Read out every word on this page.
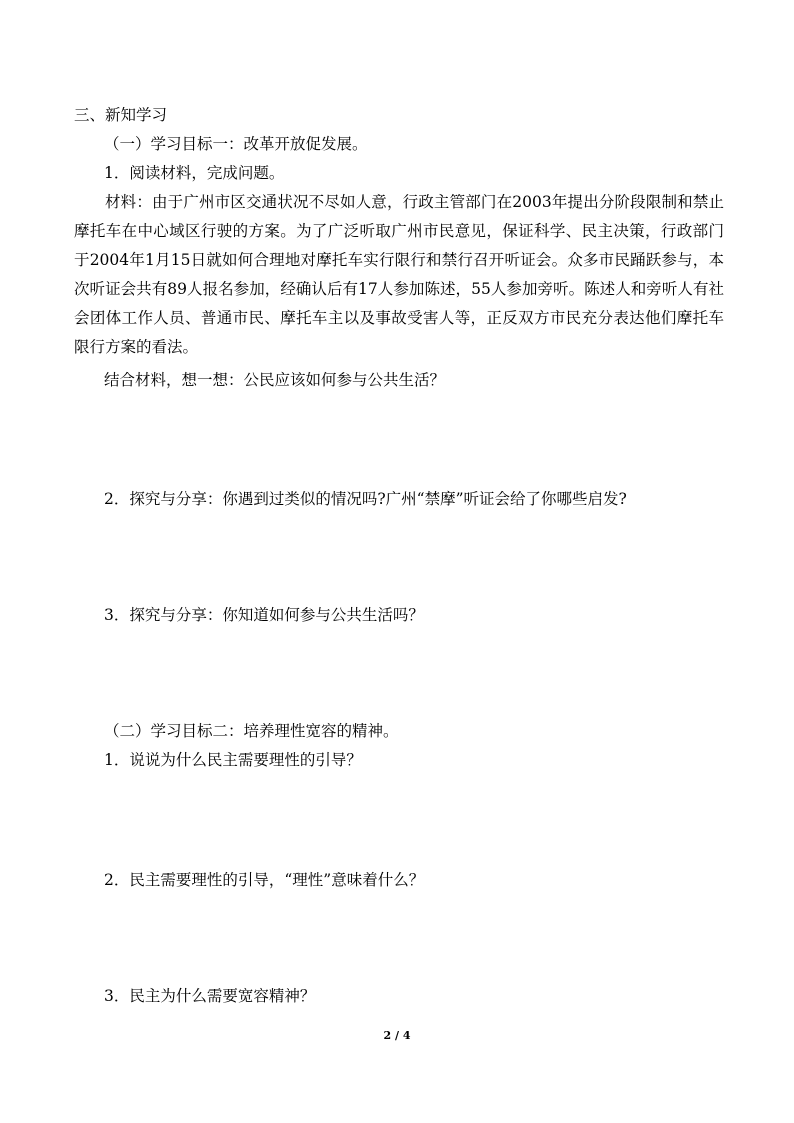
三、新知学习
（一）学习目标一：改革开放促发展。
1．阅读材料，完成问题。
材料：由于广州市区交通状况不尽如人意，行政主管部门在2003年提出分阶段限制和禁止摩托车在中心域区行驶的方案。为了广泛听取广州市民意见，保证科学、民主决策，行政部门于2004年1月15日就如何合理地对摩托车实行限行和禁行召开听证会。众多市民踊跃参与，本次听证会共有89人报名参加，经确认后有17人参加陈述，55人参加旁听。陈述人和旁听人有社会团体工作人员、普通市民、摩托车主以及事故受害人等，正反双方市民充分表达他们摩托车限行方案的看法。
结合材料，想一想：公民应该如何参与公共生活？
2．探究与分享：你遇到过类似的情况吗?广州“禁摩”听证会给了你哪些启发?
3．探究与分享：你知道如何参与公共生活吗？
（二）学习目标二：培养理性宽容的精神。
1．说说为什么民主需要理性的引导？
2．民主需要理性的引导，“理性”意味着什么？
3．民主为什么需要宽容精神？
2 / 4
